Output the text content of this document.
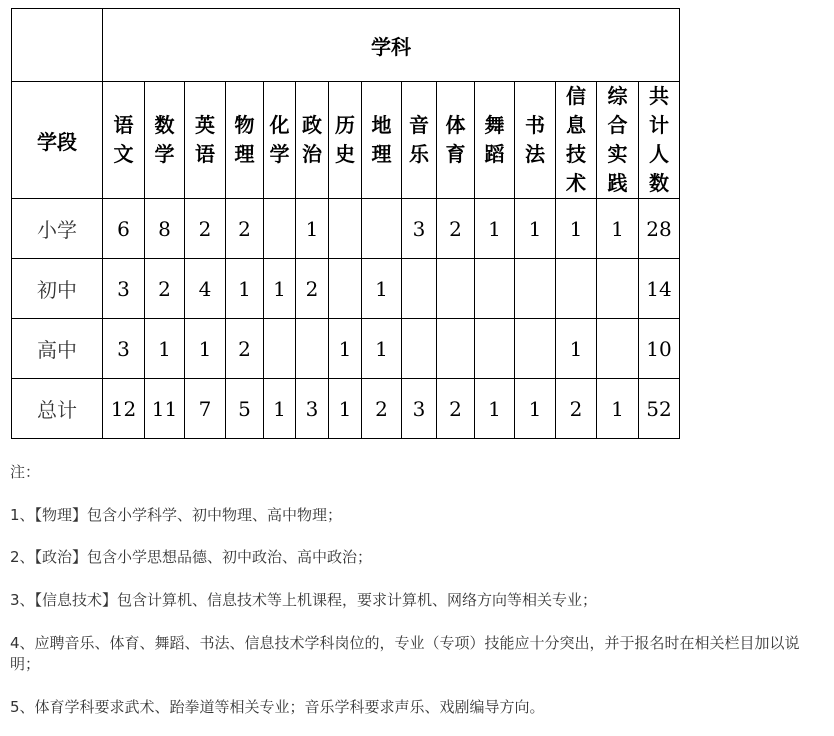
	学科														
学段	语文	数学	英语	物理	化学	政治	历史	地理	音乐	体育	舞蹈	书法	信息技术	综合实践	共计人数

小学	6	8	2	2		1			3	2	1	1	1	1	28
初中	3	2	4	1	1	2		1							14
高中	3	1	1	2			1	1					1		10
总计	12	11	7	5	1	3	1	2	3	2	1	1	2	1	52

注：

1、【物理】包含小学科学、初中物理、高中物理；

2、【政治】包含小学思想品德、初中政治、高中政治；

3、【信息技术】包含计算机、信息技术等上机课程，要求计算机、网络方向等相关专业；

4、应聘音乐、体育、舞蹈、书法、信息技术学科岗位的，专业（专项）技能应十分突出，并于报名时在相关栏目加以说明；

5、体育学科要求武术、跆拳道等相关专业；音乐学科要求声乐、戏剧编导方向。
